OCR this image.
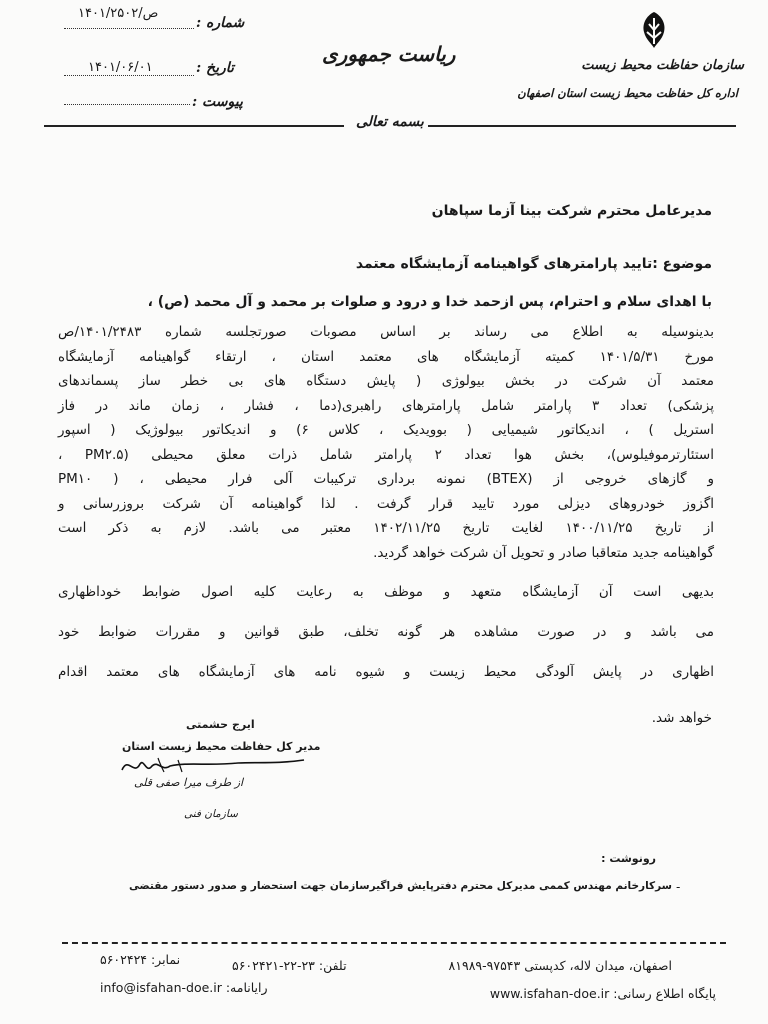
سازمان حفاظت محیط زیست
اداره کل حفاظت محیط زیست استان اصفهان
ریاست جمهوری
شماره :
۱۴۰۱/۲۵۰۲/ص
تاریخ :
۱۴۰۱/۰۶/۰۱
پیوست :
بسمه تعالی
مدیرعامل محترم شرکت بینا آزما سپاهان
موضوع :تایید پارامترهای گواهینامه آزمایشگاه معتمد
با اهدای سلام و احترام، پس ازحمد خدا و درود و صلوات بر محمد و آل محمد (ص) ،
بدینوسیله به اطلاع می رساند بر اساس مصوبات صورتجلسه شماره ۱۴۰۱/۲۴۸۳/ص
مورخ ۱۴۰۱/۵/۳۱ کمیته آزمایشگاه های معتمد استان ، ارتقاء گواهینامه آزمایشگاه
معتمد آن شرکت در بخش بیولوژی ( پایش دستگاه های بی خطر ساز پسماندهای
پزشکی) تعداد ۳ پارامتر شامل پارامترهای راهبری(دما ، فشار ، زمان ماند در فاز
استریل ) ، اندیکاتور شیمیایی ( بوویدیک ، کلاس ۶) و اندیکاتور بیولوژیک ( اسپور
استئارترموفیلوس)، بخش هوا تعداد ۲ پارامتر شامل ذرات معلق محیطی (PM۲.۵ ،
PM۱۰ ) ، نمونه برداری ترکیبات آلی فرار محیطی (BTEX) و گازهای خروجی از
اگزوز خودروهای دیزلی مورد تایید قرار گرفت . لذا گواهینامه آن شرکت بروزرسانی و
از تاریخ ۱۴۰۰/۱۱/۲۵ لغایت تاریخ ۱۴۰۲/۱۱/۲۵ معتبر می باشد. لازم به ذکر است
گواهینامه جدید متعاقبا صادر و تحویل آن شرکت خواهد گردید.
بدیهی است آن آزمایشگاه متعهد و موظف به رعایت کلیه اصول ضوابط خوداظهاری
می باشد و در صورت مشاهده هر گونه تخلف، طبق قوانین و مقررات ضوابط خود
اظهاری در پایش آلودگی محیط زیست و شیوه نامه های آزمایشگاه های معتمد اقدام
خواهد شد.
ایرج حشمتی
مدیر کل حفاظت محیط زیست استان
از طرف میرا صفی قلی
سازمان فنی
رونوشت :
سرکارخانم مهندس کممی مدیرکل محترم دفترپایش فراگیرسازمان جهت استحضار و صدور دستور مقتضی -
اصفهان، میدان لاله، کدپستی ۹۷۵۴۳-۸۱۹۸۹
تلفن: ۲۳-۲۲-۵۶۰۲۴۲۱
نمابر: ۵۶۰۲۴۲۴
پایگاه اطلاع رسانی: www.isfahan-doe.ir
رایانامه: info@isfahan-doe.ir
